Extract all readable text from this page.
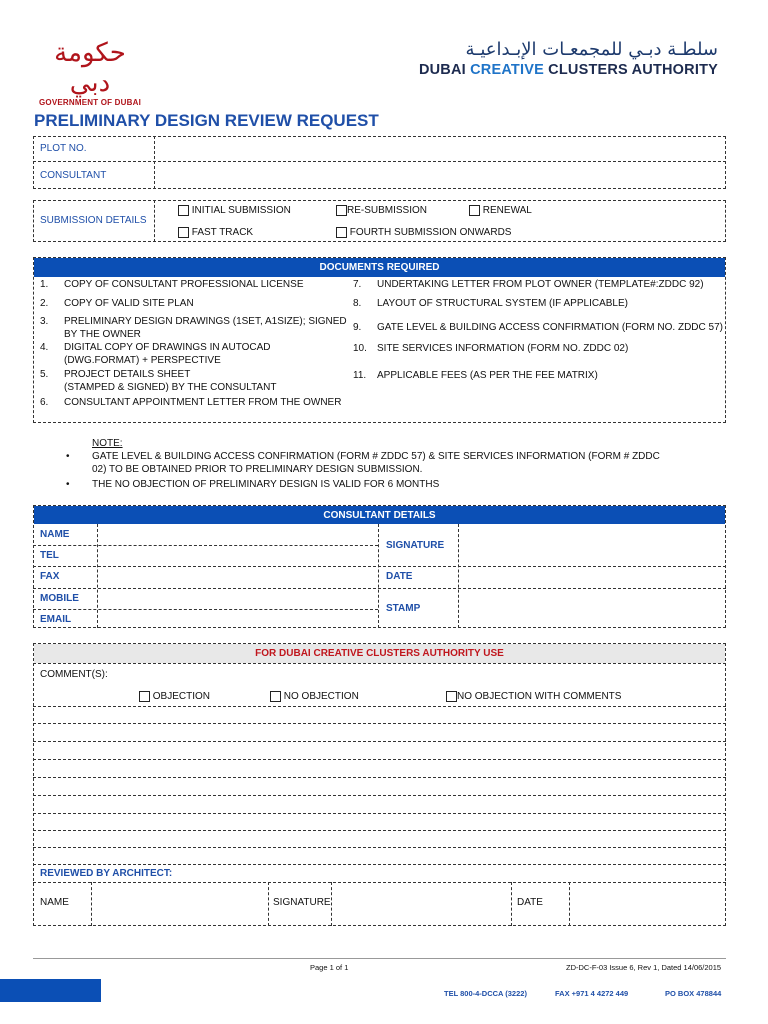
حكومة دبي
GOVERNMENT OF DUBAI
سلطـة دبـي للمجمعـات الإبـداعيـة
DUBAI CREATIVE CLUSTERS AUTHORITY
PRELIMINARY DESIGN REVIEW REQUEST
PLOT NO.
CONSULTANT
SUBMISSION DETAILS
INITIAL SUBMISSION	RE-SUBMISSION	RENEWAL
FAST TRACK	FOURTH SUBMISSION ONWARDS
DOCUMENTS REQUIRED
1. COPY OF CONSULTANT PROFESSIONAL LICENSE
2. COPY OF VALID SITE PLAN
3. PRELIMINARY DESIGN DRAWINGS (1SET, A1SIZE); SIGNED
BY THE OWNER
4. DIGITAL COPY OF DRAWINGS IN AUTOCAD
(DWG.FORMAT) + PERSPECTIVE
5. PROJECT DETAILS SHEET
(STAMPED & SIGNED) BY THE CONSULTANT
6. CONSULTANT APPOINTMENT LETTER FROM THE OWNER
7. UNDERTAKING LETTER FROM PLOT OWNER (TEMPLATE#:ZDDC 92)
8. LAYOUT OF STRUCTURAL SYSTEM (IF APPLICABLE)
9. GATE LEVEL & BUILDING ACCESS CONFIRMATION (FORM NO. ZDDC 57)
10. SITE SERVICES INFORMATION (FORM NO. ZDDC 02)
11. APPLICABLE FEES (AS PER THE FEE MATRIX)
NOTE:
• GATE LEVEL & BUILDING ACCESS CONFIRMATION (FORM # ZDDC 57) & SITE SERVICES INFORMATION (FORM # ZDDC
02) TO BE OBTAINED PRIOR TO PRELIMINARY DESIGN SUBMISSION.
• THE NO OBJECTION OF PRELIMINARY DESIGN IS VALID FOR 6 MONTHS
CONSULTANT DETAILS
NAME
TEL
FAX
MOBILE
EMAIL
SIGNATURE
DATE
STAMP
FOR DUBAI CREATIVE CLUSTERS AUTHORITY USE
COMMENT(S):
OBJECTION	NO OBJECTION	NO OBJECTION WITH COMMENTS
REVIEWED BY ARCHITECT:
NAME	SIGNATURE	DATE
Page 1 of 1	ZD-DC-F-03 Issue 6, Rev 1, Dated 14/06/2015
TEL 800-4-DCCA (3222)	FAX +971 4 4272 449	PO BOX 478844
